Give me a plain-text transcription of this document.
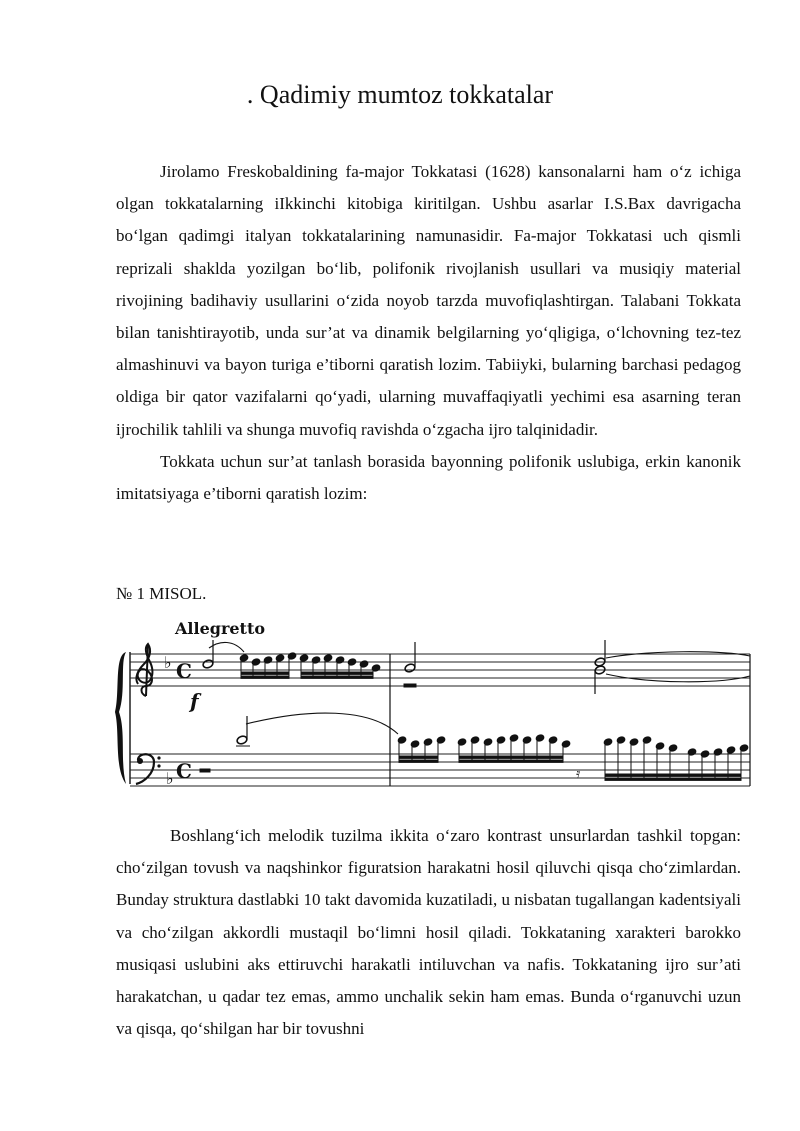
. Qadimiy mumtoz tokkatalar

Jirolamo Freskobaldining fa-major Tokkatasi (1628) kansonalarni ham o‘z ichiga olgan tokkatalarning iIkkinchi kitobiga kiritilgan. Ushbu asarlar I.S.Bax davrigacha bo‘lgan qadimgi italyan tokkatalarining namunasidir. Fa-major Tokkatasi uch qismli reprizali shaklda yozilgan bo‘lib, polifonik rivojlanish usullari va musiqiy material rivojining badihaviy usullarini o‘zida noyob tarzda muvofiqlashtirgan. Talabani Tokkata bilan tanishtirayotib, unda sur’at va dinamik belgilarning yo‘qligiga, o‘lchovning tez-tez almashinuvi va bayon turiga e’tiborni qaratish lozim. Tabiiyki, bularning barchasi pedagog oldiga bir qator vazifalarni qo‘yadi, ularning muvaffaqiyatli yechimi esa asarning teran ijrochilik tahlili va shunga muvofiq ravishda o‘zgacha ijro talqinidadir.

Tokkata uchun sur’at tanlash borasida bayonning polifonik uslubiga, erkin kanonik imitatsiyaga e’tiborni qaratish lozim:

№ 1 MISOL.
Allegretto
♭
♭
C
C
f
𝄿

Boshlang‘ich melodik tuzilma ikkita o‘zaro kontrast unsurlardan tashkil topgan: cho‘zilgan tovush va naqshinkor figuratsion harakatni hosil qiluvchi qisqa cho‘zimlardan. Bunday struktura dastlabki 10 takt davomida kuzatiladi, u nisbatan tugallangan kadentsiyali va cho‘zilgan akkordli mustaqil bo‘limni hosil qiladi. Tokkataning xarakteri barokko musiqasi uslubini aks ettiruvchi harakatli intiluvchan va nafis. Tokkataning ijro sur’ati harakatchan, u qadar tez emas, ammo unchalik sekin ham emas. Bunda o‘rganuvchi uzun va qisqa, qo‘shilgan har bir tovushni
